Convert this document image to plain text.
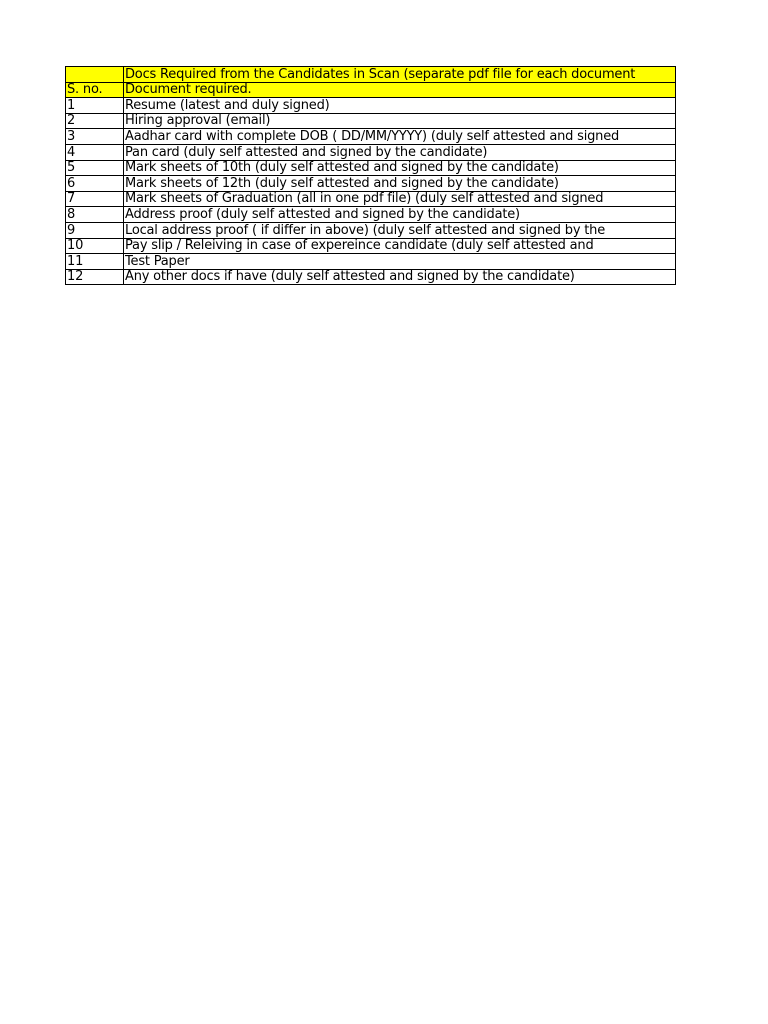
	Docs Required from the Candidates in Scan (separate pdf file for each document
S. no.	Document required.
1	Resume (latest and duly signed)
2	Hiring approval (email)
3	Aadhar card with complete DOB ( DD/MM/YYYY) (duly self attested and signed
4	Pan card (duly self attested and signed by the candidate)
5	Mark sheets of 10th (duly self attested and signed by the candidate)
6	Mark sheets of 12th (duly self attested and signed by the candidate)
7	Mark sheets of Graduation (all in one pdf file) (duly self attested and signed
8	Address proof (duly self attested and signed by the candidate)
9	Local address proof ( if differ in above) (duly self attested and signed by the
10	Pay slip / Releiving in case of expereince candidate (duly self attested and
11	Test Paper
12	Any other docs if have (duly self attested and signed by the candidate)
